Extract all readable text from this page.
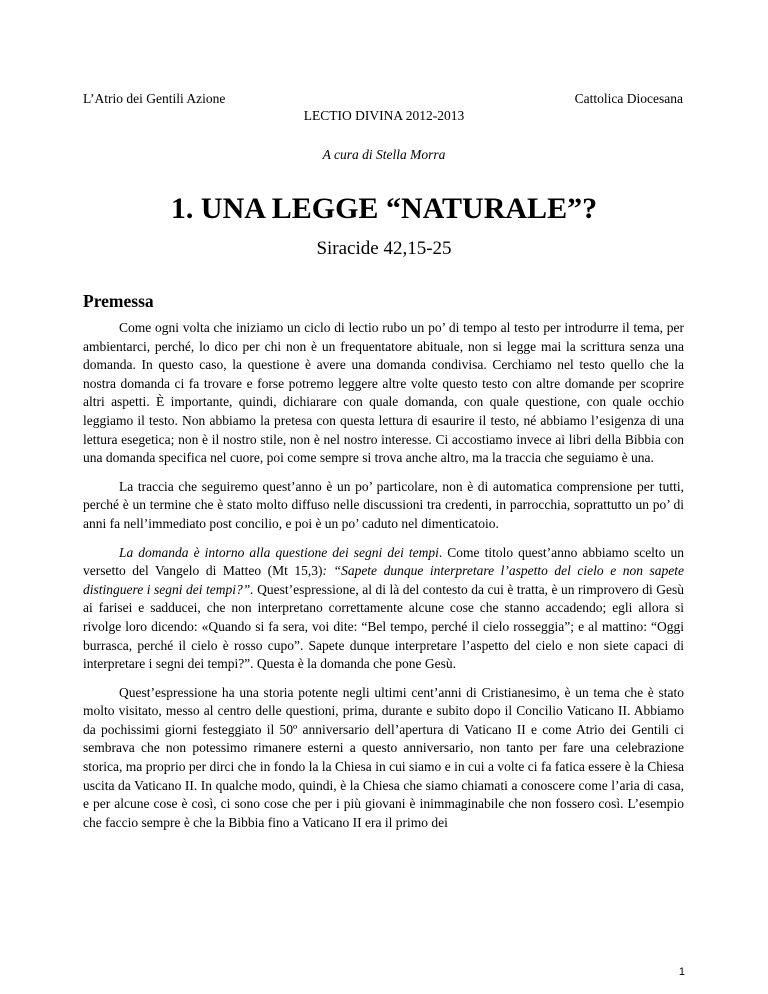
L’Atrio dei Gentili Azione	Cattolica Diocesana
LECTIO DIVINA 2012-2013
A cura di Stella Morra
1. UNA LEGGE “NATURALE”?
Siracide 42,15-25
Premessa

Come ogni volta che iniziamo un ciclo di lectio rubo un po’ di tempo al testo per introdurre il tema, per ambientarci, perché, lo dico per chi non è un frequentatore abituale, non si legge mai la scrittura senza una domanda. In questo caso, la questione è avere una domanda condivisa. Cerchiamo nel testo quello che la nostra domanda ci fa trovare e forse potremo leggere altre volte questo testo con altre domande per scoprire altri aspetti. È importante, quindi, dichiarare con quale domanda, con quale questione, con quale occhio leggiamo il testo. Non abbiamo la pretesa con questa lettura di esaurire il testo, né abbiamo l’esigenza di una lettura esegetica; non è il nostro stile, non è nel nostro interesse. Ci accostiamo invece ai libri della Bibbia con una domanda specifica nel cuore, poi come sempre si trova anche altro, ma la traccia che seguiamo è una.

La traccia che seguiremo quest’anno è un po’ particolare, non è di automatica comprensione per tutti, perché è un termine che è stato molto diffuso nelle discussioni tra credenti, in parrocchia, soprattutto un po’ di anni fa nell’immediato post concilio, e poi è un po’ caduto nel dimenticatoio.

La domanda è intorno alla questione dei segni dei tempi. Come titolo quest’anno abbiamo scelto un versetto del Vangelo di Matteo (Mt 15,3): “Sapete dunque interpretare l’aspetto del cielo e non sapete distinguere i segni dei tempi?”. Quest’espressione, al di là del contesto da cui è tratta, è un rimprovero di Gesù ai farisei e sadducei, che non interpretano correttamente alcune cose che stanno accadendo; egli allora si rivolge loro dicendo: «Quando si fa sera, voi dite: “Bel tempo, perché il cielo rosseggia”; e al mattino: “Oggi burrasca, perché il cielo è rosso cupo”. Sapete dunque interpretare l’aspetto del cielo e non siete capaci di interpretare i segni dei tempi?”. Questa è la domanda che pone Gesù.

Quest’espressione ha una storia potente negli ultimi cent’anni di Cristianesimo, è un tema che è stato molto visitato, messo al centro delle questioni, prima, durante e subito dopo il Concilio Vaticano II. Abbiamo da pochissimi giorni festeggiato il 50º anniversario dell’apertura di Vaticano II e come Atrio dei Gentili ci sembrava che non potessimo rimanere esterni a questo anniversario, non tanto per fare una celebrazione storica, ma proprio per dirci che in fondo la la Chiesa in cui siamo e in cui a volte ci fa fatica essere è la Chiesa uscita da Vaticano II. In qualche modo, quindi, è la Chiesa che siamo chiamati a conoscere come l’aria di casa, e per alcune cose è così, ci sono cose che per i più giovani è inimmaginabile che non fossero così. L’esempio che faccio sempre è che la Bibbia fino a Vaticano II era il primo dei

1
